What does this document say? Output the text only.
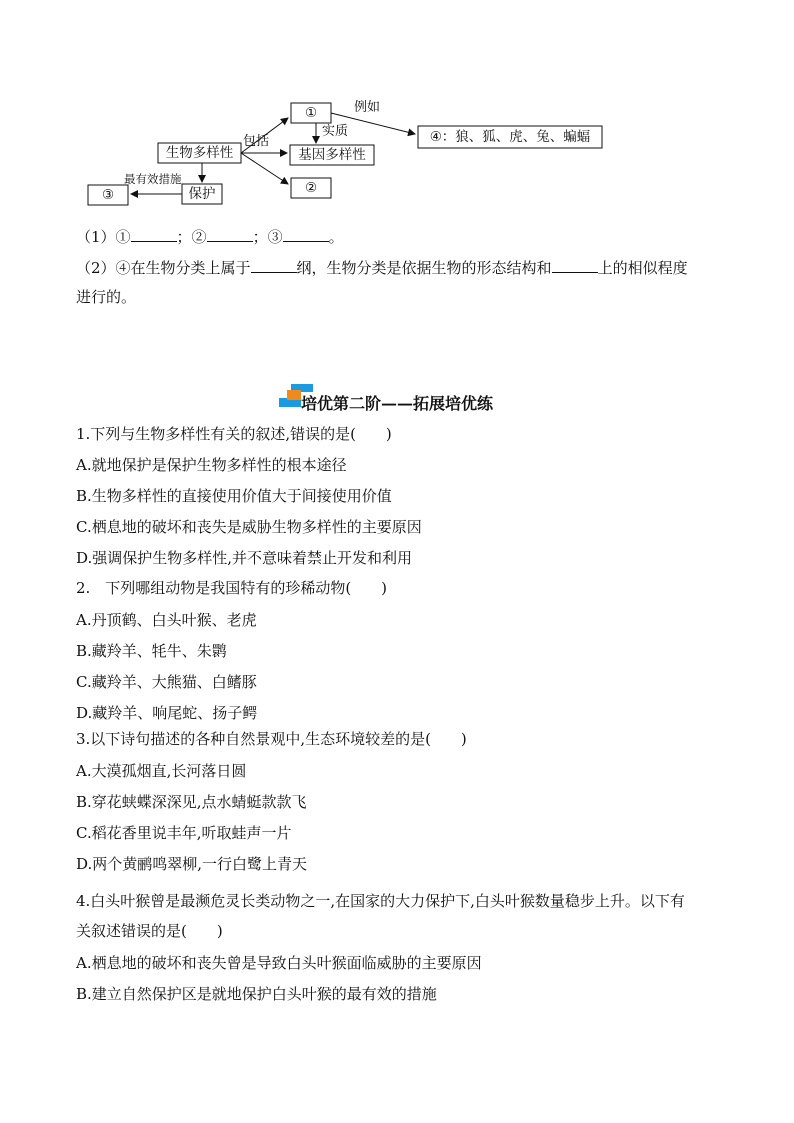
①
生物多样性	基因多样性
②
③	保护
④：狼、狐、虎、兔、蝙蝠
包括
实质
例如
最有效措施
（1）①	；②	；③	。
（2）④在生物分类上属于	纲，生物分类是依据生物的形态结构和	上的相似程度
进行的。
培优第二阶——拓展培优练
1.下列与生物多样性有关的叙述,错误的是(　　)
A.就地保护是保护生物多样性的根本途径
B.生物多样性的直接使用价值大于间接使用价值
C.栖息地的破坏和丧失是威胁生物多样性的主要原因
D.强调保护生物多样性,并不意味着禁止开发和利用
2.　下列哪组动物是我国特有的珍稀动物(　　)
A.丹顶鹤、白头叶猴、老虎
B.藏羚羊、牦牛、朱鹮
C.藏羚羊、大熊猫、白鳍豚
D.藏羚羊、响尾蛇、扬子鳄
3.以下诗句描述的各种自然景观中,生态环境较差的是(　　)
A.大漠孤烟直,长河落日圆
B.穿花蛱蝶深深见,点水蜻蜓款款飞
C.稻花香里说丰年,听取蛙声一片
D.两个黄鹂鸣翠柳,一行白鹭上青天
4.白头叶猴曾是最濒危灵长类动物之一,在国家的大力保护下,白头叶猴数量稳步上升。以下有
关叙述错误的是(　　)
A.栖息地的破坏和丧失曾是导致白头叶猴面临威胁的主要原因
B.建立自然保护区是就地保护白头叶猴的最有效的措施
